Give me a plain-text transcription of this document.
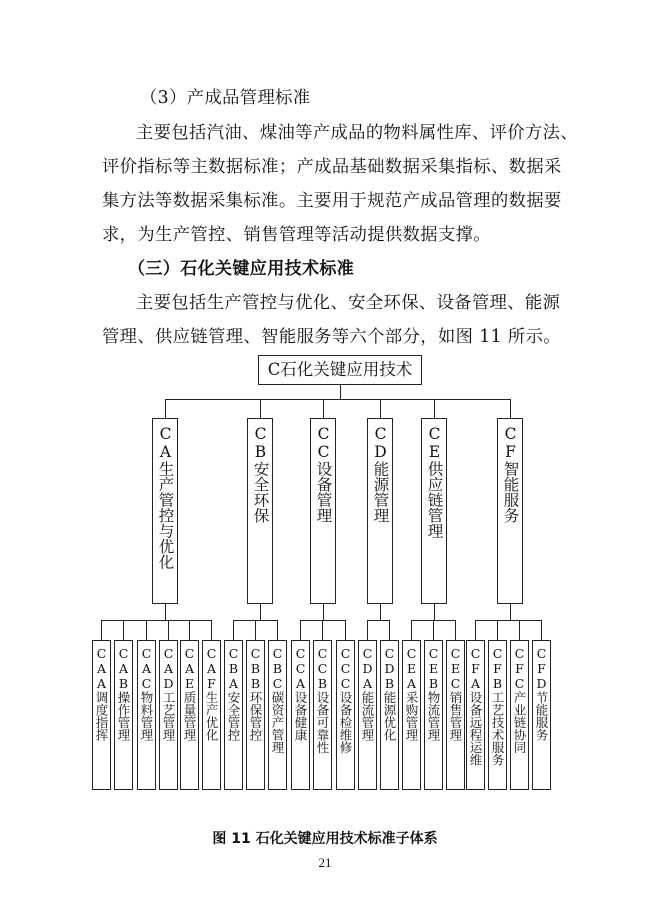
（3）产成品管理标准
主要包括汽油、煤油等产成品的物料属性库、评价方法、
评价指标等主数据标准；产成品基础数据采集指标、数据采
集方法等数据采集标准。主要用于规范产成品管理的数据要
求，为生产管控、销售管理等活动提供数据支撑。
（三）石化关键应用技术标准
主要包括生产管控与优化、安全环保、设备管理、能源
管理、供应链管理、智能服务等六个部分，如图 11 所示。
C石化关键应用技术
CA生产管控与优化
CAA调度指挥 CAB操作管理 CAC物料管理 CAD工艺管理 CAE质量管理 CAF生产优化
CB安全环保
CBA安全管控 CBB环保管控 CBC碳资产管理
CC设备管理
CCA设备健康 CCB设备可靠性 CCC设备检维修
CD能源管理
CDA能流管理 CDB能源优化
CE供应链管理
CEA采购管理 CEB物流管理 CEC销售管理
CF智能服务
CFA设备远程运维 CFB工艺技术服务 CFC产业链协同 CFD节能服务
图 11 石化关键应用技术标准子体系
21
